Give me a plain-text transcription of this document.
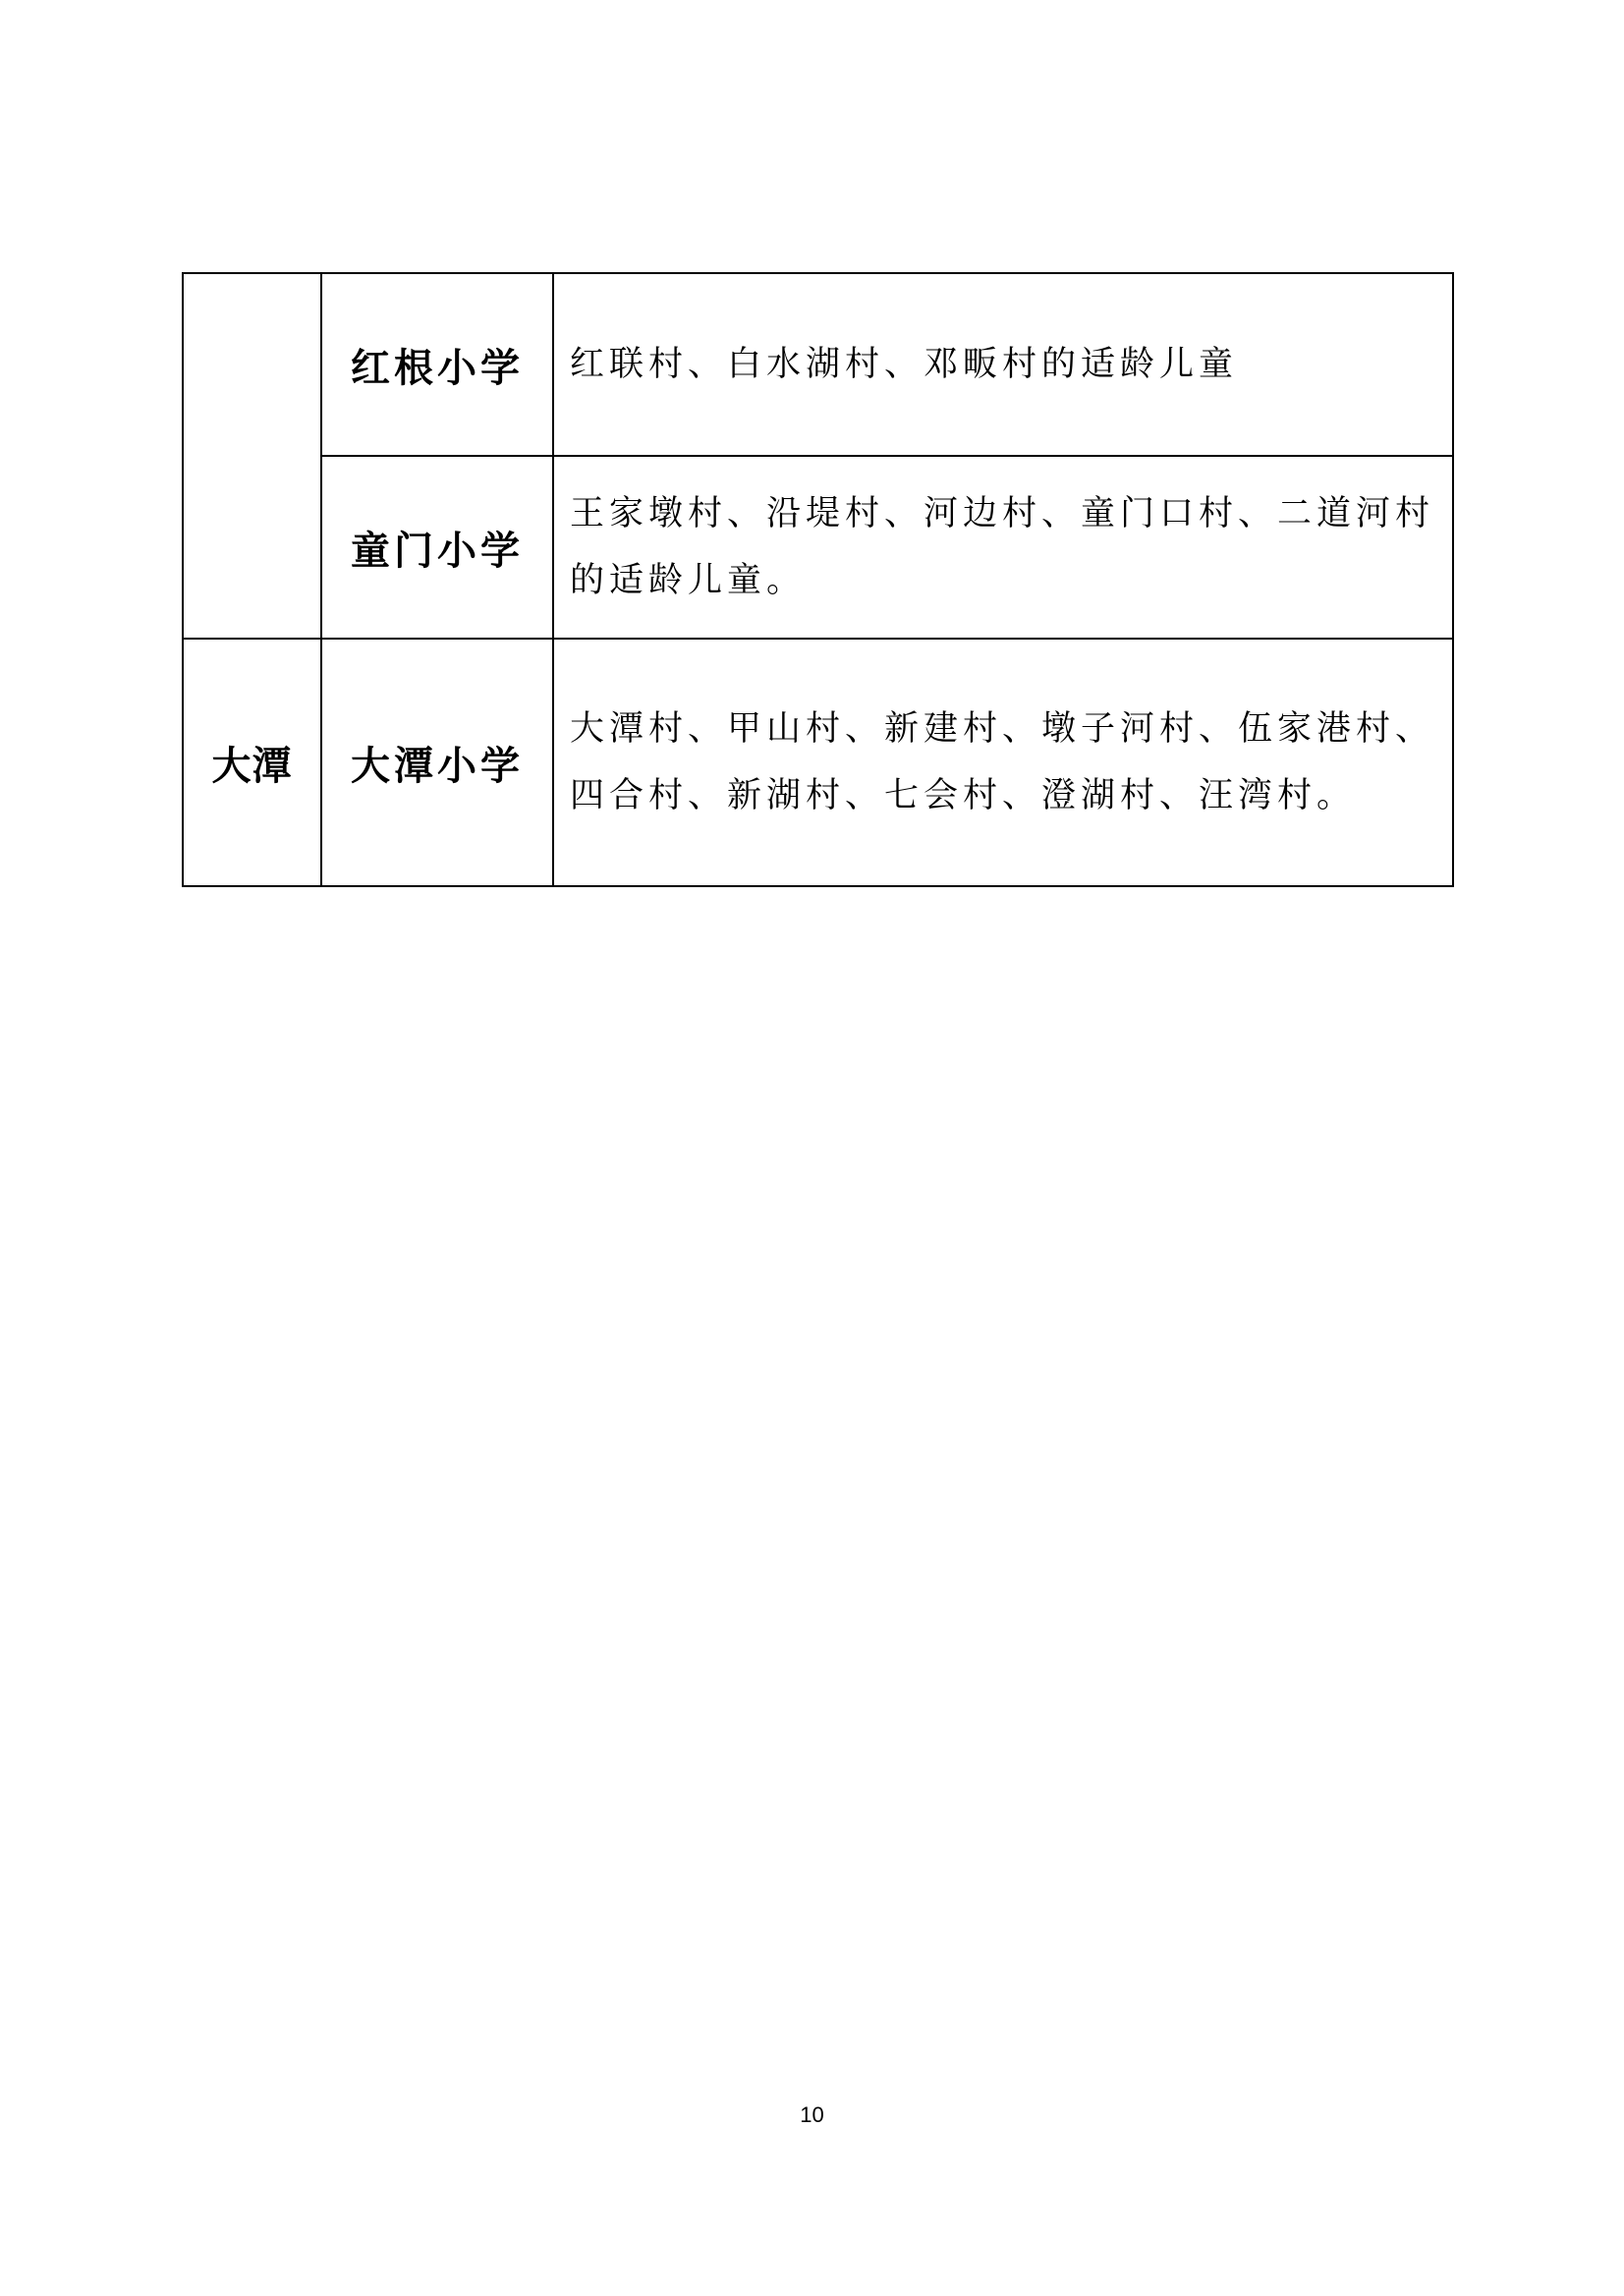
	红根小学	红联村、白水湖村、邓畈村的适龄儿童
	童门小学	王家墩村、沿堤村、河边村、童门口村、二道河村的适龄儿童。
大潭	大潭小学	大潭村、甲山村、新建村、墩子河村、伍家港村、四合村、新湖村、七会村、澄湖村、汪湾村。
10
